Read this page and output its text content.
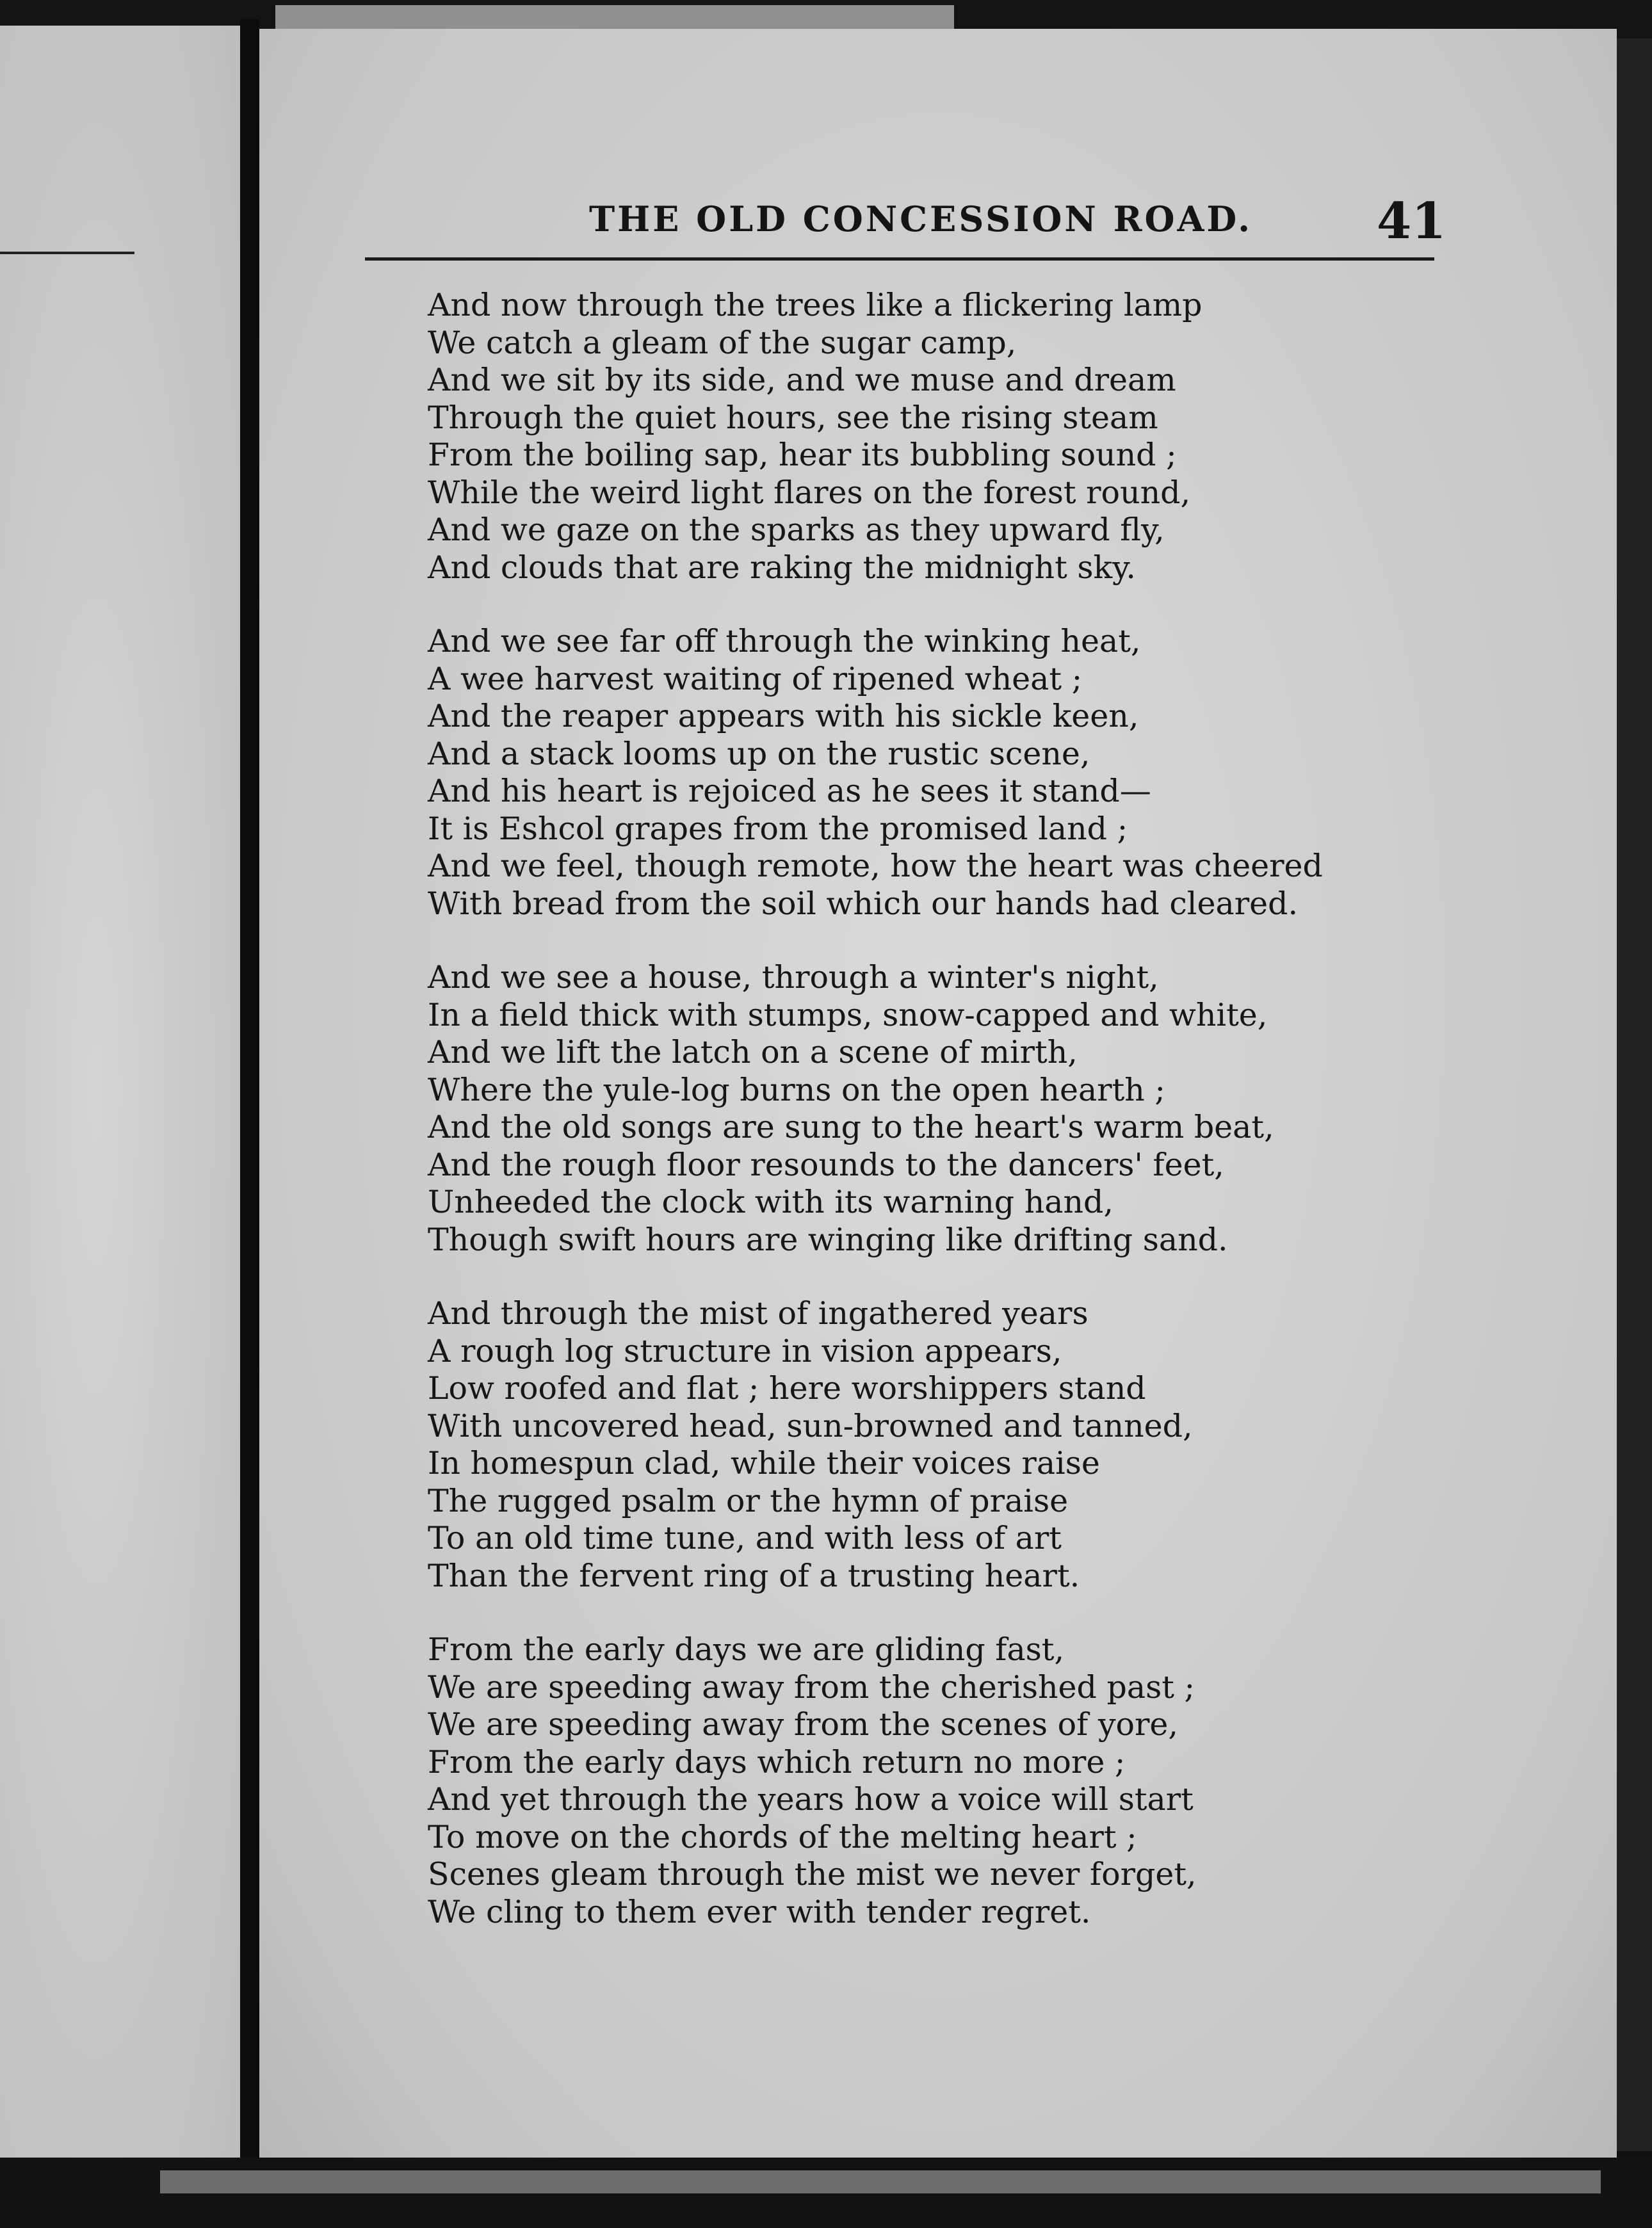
THE OLD CONCESSION ROAD. 41
And now through the trees like a flickering lamp
We catch a gleam of the sugar camp,
And we sit by its side, and we muse and dream
Through the quiet hours, see the rising steam
From the boiling sap, hear its bubbling sound ;
While the weird light flares on the forest round,
And we gaze on the sparks as they upward fly,
And clouds that are raking the midnight sky.
And we see far off through the winking heat,
A wee harvest waiting of ripened wheat ;
And the reaper appears with his sickle keen,
And a stack looms up on the rustic scene,
And his heart is rejoiced as he sees it stand—
It is Eshcol grapes from the promised land ;
And we feel, though remote, how the heart was cheered
With bread from the soil which our hands had cleared.
And we see a house, through a winter's night,
In a field thick with stumps, snow-capped and white,
And we lift the latch on a scene of mirth,
Where the yule-log burns on the open hearth ;
And the old songs are sung to the heart's warm beat,
And the rough floor resounds to the dancers' feet,
Unheeded the clock with its warning hand,
Though swift hours are winging like drifting sand.
And through the mist of ingathered years
A rough log structure in vision appears,
Low roofed and flat ; here worshippers stand
With uncovered head, sun-browned and tanned,
In homespun clad, while their voices raise
The rugged psalm or the hymn of praise
To an old time tune, and with less of art
Than the fervent ring of a trusting heart.
From the early days we are gliding fast,
We are speeding away from the cherished past ;
We are speeding away from the scenes of yore,
From the early days which return no more ;
And yet through the years how a voice will start
To move on the chords of the melting heart ;
Scenes gleam through the mist we never forget,
We cling to them ever with tender regret.
